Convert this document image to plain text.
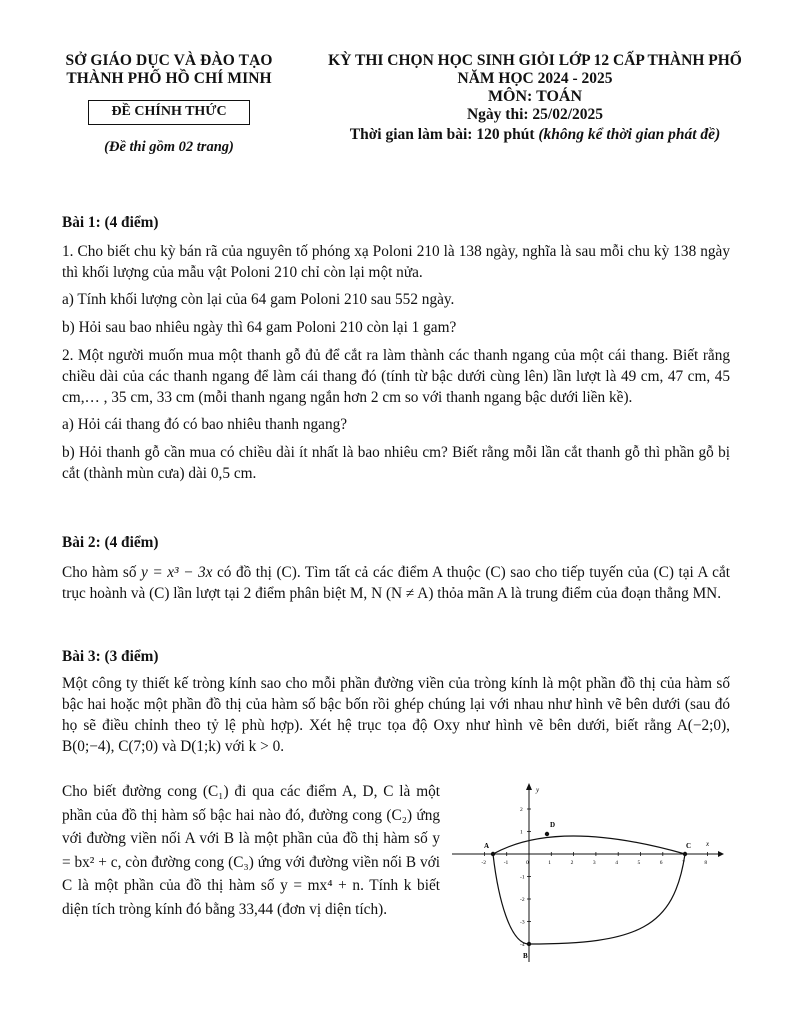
SỞ GIÁO DỤC VÀ ĐÀO TẠO
THÀNH PHỐ HỒ CHÍ MINH
ĐỀ CHÍNH THỨC
(Đề thi gồm 02 trang)
KỲ THI CHỌN HỌC SINH GIỎI LỚP 12 CẤP THÀNH PHỐ
NĂM HỌC 2024 - 2025
MÔN: TOÁN
Ngày thi: 25/02/2025
Thời gian làm bài: 120 phút (không kể thời gian phát đề)

Bài 1: (4 điểm)

1. Cho biết chu kỳ bán rã của nguyên tố phóng xạ Poloni 210 là 138 ngày, nghĩa là sau mỗi chu kỳ 138 ngày thì khối lượng của mẫu vật Poloni 210 chỉ còn lại một nửa.

a) Tính khối lượng còn lại của 64 gam Poloni 210 sau 552 ngày.

b) Hỏi sau bao nhiêu ngày thì 64 gam Poloni 210 còn lại 1 gam?

2. Một người muốn mua một thanh gỗ đủ để cắt ra làm thành các thanh ngang của một cái thang. Biết rằng chiều dài của các thanh ngang để làm cái thang đó (tính từ bậc dưới cùng lên) lần lượt là 49 cm, 47 cm, 45 cm,… , 35 cm, 33 cm (mỗi thanh ngang ngắn hơn 2 cm so với thanh ngang bậc dưới liền kề).

a) Hỏi cái thang đó có bao nhiêu thanh ngang?

b) Hỏi thanh gỗ cần mua có chiều dài ít nhất là bao nhiêu cm? Biết rằng mỗi lần cắt thanh gỗ thì phần gỗ bị cắt (thành mùn cưa) dài 0,5 cm.

Bài 2: (4 điểm)

Cho hàm số y = x³ − 3x có đồ thị (C). Tìm tất cả các điểm A thuộc (C) sao cho tiếp tuyến của (C) tại A cắt trục hoành và (C) lần lượt tại 2 điểm phân biệt M, N (N ≠ A) thỏa mãn A là trung điểm của đoạn thẳng MN.

Bài 3: (3 điểm)

Một công ty thiết kế tròng kính sao cho mỗi phần đường viền của tròng kính là một phần đồ thị của hàm số bậc hai hoặc một phần đồ thị của hàm số bậc bốn rồi ghép chúng lại với nhau như hình vẽ bên dưới (sau đó họ sẽ điều chỉnh theo tỷ lệ phù hợp). Xét hệ trục tọa độ Oxy như hình vẽ bên dưới, biết rằng A(−2;0), B(0;−4), C(7;0) và D(1;k) với k > 0.

Cho biết đường cong (C₁) đi qua các điểm A, D, C là một phần của đồ thị hàm số bậc hai nào đó, đường cong (C₂) ứng với đường viền nối A với B là một phần của đồ thị hàm số y = bx² + c, còn đường cong (C₃) ứng với đường viền nối B với C là một phần của đồ thị hàm số y = mx⁴ + n. Tính k biết diện tích tròng kính đó bằng 33,44 (đơn vị diện tích).

y
x
-2	-1	0	1	2	3	4	5	6	7	8
2
1
-1
-2
-3
-4
A
B
C
D
